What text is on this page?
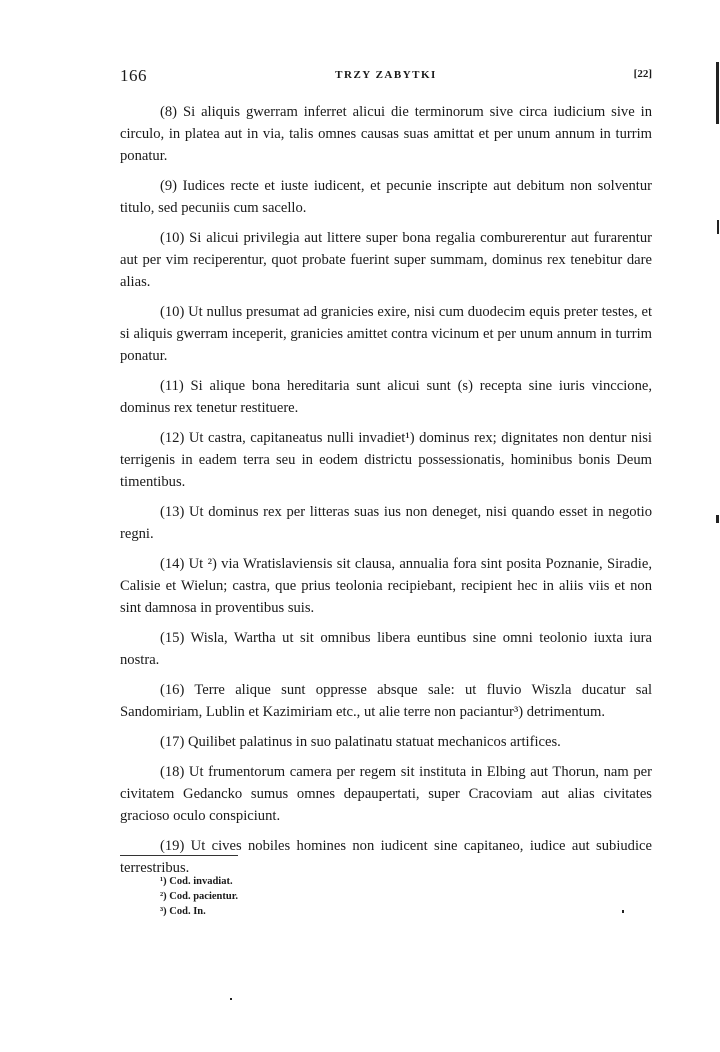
166	TRZY ZABYTKI	[22]

(8) Si aliquis gwerram inferret alicui die terminorum sive circa iudicium sive in circulo, in platea aut in via, talis omnes causas suas amittat et per unum annum in turrim ponatur.

(9) Iudices recte et iuste iudicent, et pecunie inscripte aut debitum non solventur titulo, sed pecuniis cum sacello.

(10) Si alicui privilegia aut littere super bona regalia comburerentur aut furarentur aut per vim reciperentur, quot probate fuerint super summam, dominus rex tenebitur dare alias.

(10) Ut nullus presumat ad granicies exire, nisi cum duodecim equis preter testes, et si aliquis gwerram inceperit, granicies amittet contra vicinum et per unum annum in turrim ponatur.

(11) Si alique bona hereditaria sunt alicui sunt (s) recepta sine iuris vinccione, dominus rex tenetur restituere.

(12) Ut castra, capitaneatus nulli invadiet¹) dominus rex; dignitates non dentur nisi terrigenis in eadem terra seu in eodem districtu possessionatis, hominibus bonis Deum timentibus.

(13) Ut dominus rex per litteras suas ius non deneget, nisi quando esset in negotio regni.

(14) Ut ²) via Wratislaviensis sit clausa, annualia fora sint posita Poznanie, Siradie, Calisie et Wielun; castra, que prius teolonia recipiebant, recipient hec in aliis viis et non sint damnosa in proventibus suis.

(15) Wisla, Wartha ut sit omnibus libera euntibus sine omni teolonio iuxta iura nostra.

(16) Terre alique sunt oppresse absque sale: ut fluvio Wiszla ducatur sal Sandomiriam, Lublin et Kazimiriam etc., ut alie terre non paciantur³) detrimentum.

(17) Quilibet palatinus in suo palatinatu statuat mechanicos artifices.

(18) Ut frumentorum camera per regem sit instituta in Elbing aut Thorun, nam per civitatem Gedancko sumus omnes depaupertati, super Craсoviam aut alias civitates gracioso oculo conspiciunt.

(19) Ut cives nobiles homines non iudicent sine capitaneo, iudice aut subiudice terrestribus.

¹) Cod. invadiat.

²) Cod. pacientur.

³) Cod. In.
